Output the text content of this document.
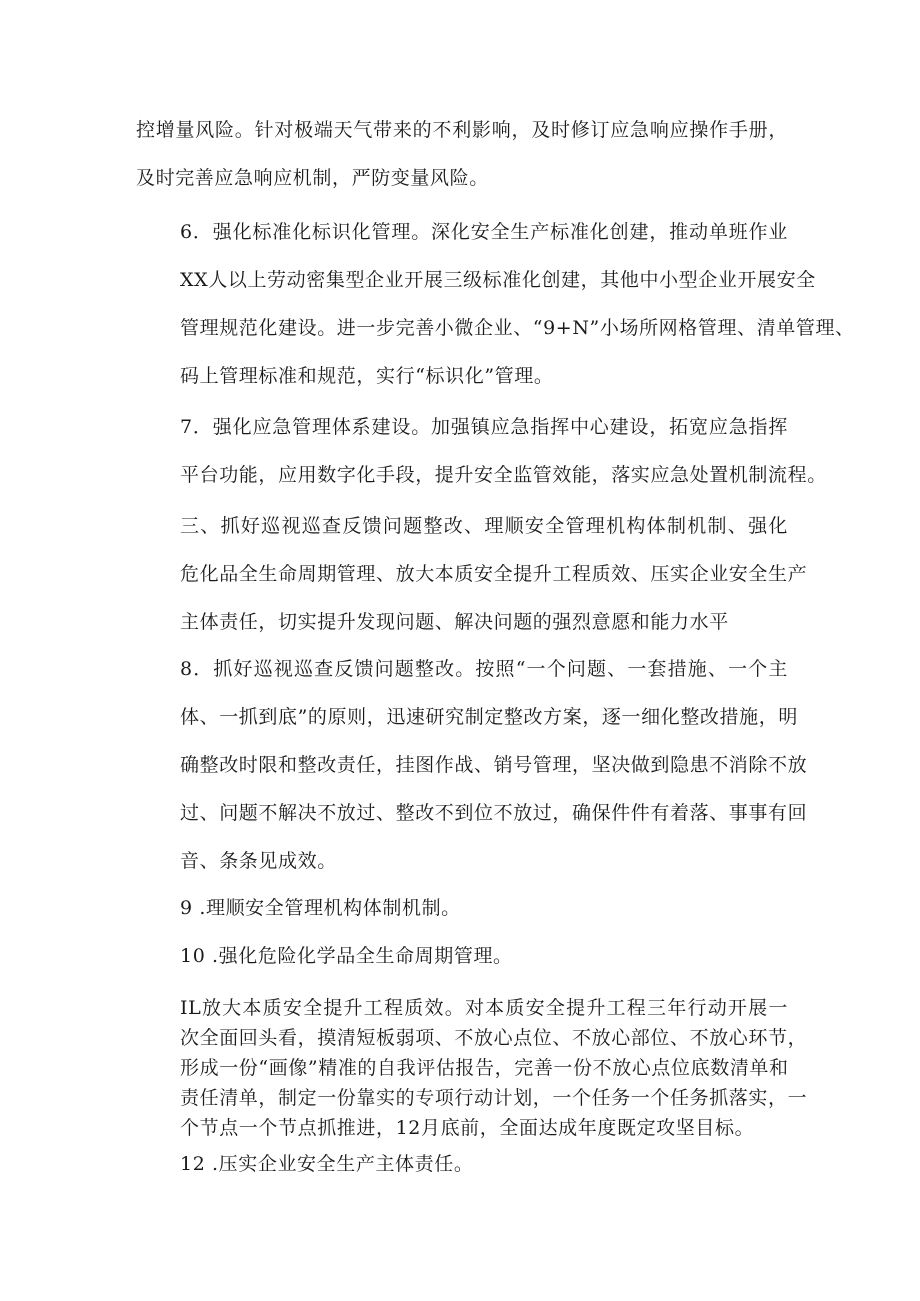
控增量风险。针对极端天气带来的不利影响，及时修订应急响应操作手册，
及时完善应急响应机制，严防变量风险。

6．强化标准化标识化管理。深化安全生产标准化创建，推动单班作业
XX人以上劳动密集型企业开展三级标准化创建，其他中小型企业开展安全
管理规范化建设。进一步完善小微企业、“9+N”小场所网格管理、清单管理、
码上管理标准和规范，实行“标识化”管理。

7．强化应急管理体系建设。加强镇应急指挥中心建设，拓宽应急指挥
平台功能，应用数字化手段，提升安全监管效能，落实应急处置机制流程。

三、抓好巡视巡查反馈问题整改、理顺安全管理机构体制机制、强化
危化品全生命周期管理、放大本质安全提升工程质效、压实企业安全生产
主体责任，切实提升发现问题、解决问题的强烈意愿和能力水平

8．抓好巡视巡查反馈问题整改。按照“一个问题、一套措施、一个主
体、一抓到底”的原则，迅速研究制定整改方案，逐一细化整改措施，明
确整改时限和整改责任，挂图作战、销号管理，坚决做到隐患不消除不放
过、问题不解决不放过、整改不到位不放过，确保件件有着落、事事有回
音、条条见成效。

9 .理顺安全管理机构体制机制。

10 .强化危险化学品全生命周期管理。

IL放大本质安全提升工程质效。对本质安全提升工程三年行动开展一
次全面回头看，摸清短板弱项、不放心点位、不放心部位、不放心环节，
形成一份“画像”精准的自我评估报告，完善一份不放心点位底数清单和
责任清单，制定一份靠实的专项行动计划，一个任务一个任务抓落实，一
个节点一个节点抓推进，12月底前，全面达成年度既定攻坚目标。

12 .压实企业安全生产主体责任。
